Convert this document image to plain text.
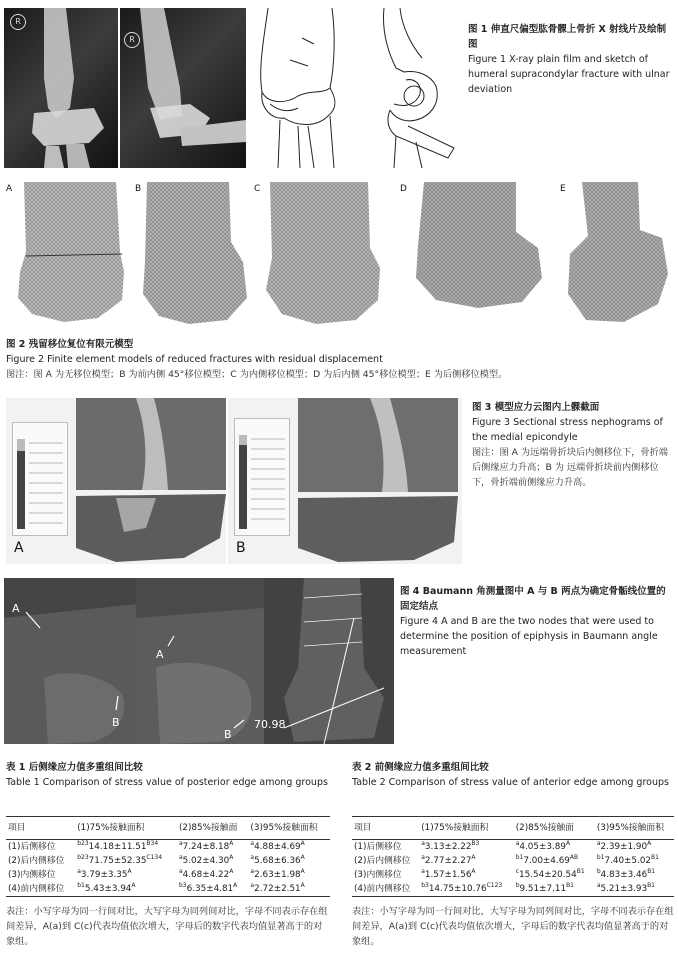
R
R
图 1 伸直尺偏型肱骨髁上骨折 X 射线片及绘制图
Figure 1 X-ray plain film and sketch of humeral supracondylar fracture with ulnar deviation
A	B	C	D	E
图 2 残留移位复位有限元模型
Figure 2 Finite element models of reduced fractures with residual displacement
图注：图 A 为无移位模型；B 为前内侧 45°移位模型；C 为内侧移位模型；D 为后内侧 45°移位模型；E 为后侧移位模型。
A	B
图 3 模型应力云图内上髁截面
Figure 3 Sectional stress nephograms of the medial epicondyle
图注：图 A 为远端骨折块后内侧移位下，骨折端后侧缘应力升高；B 为 远端骨折块前内侧移位下，骨折端前侧缘应力升高。
A
B
A
B
70.98
图 4 Baumann 角测量图中 A 与 B 两点为确定骨骺线位置的固定结点
Figure 4 A and B are the two nodes that were used to determine the position of epiphysis in Baumann angle measurement
表 1 后侧缘应力值多重组间比较
Table 1 Comparison of stress value of posterior edge among groups
项目	(1)75%接触面积	(2)85%接触面	(3)95%接触面积
(1)后侧移位	$^{b23}14.18\pm 11.51^{B34}$	$^a7.24\pm 8.18^A$	$^a4.88\pm 4.69^A$
(2)后内侧移位	$^{b23}71.75\pm 52.35^{C134}$	$^a5.02\pm 4.30^A$	$^a5.68\pm 6.36^A$
(3)内侧移位	$^a3.79\pm 3.35^A$	$^a4.68\pm 4.22^A$	$^a2.63\pm 1.98^A$
(4)前内侧移位	$^{b1}5.43\pm 3.94^A$	$^{b3}6.35\pm 4.81^A$	$^a2.72\pm 2.51^A$
表注：小写字母为同一行间对比，大写字母为同列间对比，字母不同表示存在组间差异，A(a)到 C(c)代表均值依次增大，字母后的数字代表均值显著高于的对象组。
表 2 前侧缘应力值多重组间比较
Table 2 Comparison of stress value of anterior edge among groups
项目	(1)75%接触面积	(2)85%接触面	(3)95%接触面积
(1)后侧移位	$^a3.13\pm 2.22^{B3}$	$^a4.05\pm 3.89^A$	$^a2.39\pm 1.90^A$
(2)后内侧移位	$^a2.77\pm 2.27^A$	$^{b1}7.00\pm 4.69^{AB}$	$^{b1}7.40\pm 5.02^{B1}$
(3)内侧移位	$^a1.57\pm 1.56^A$	$^c15.54\pm 20.54^{B1}$	$^b4.83\pm 3.46^{B1}$
(4)前内侧移位	$^{b3}14.75\pm 10.76^{C123}$	$^b9.51\pm 7.11^{B1}$	$^a5.21\pm 3.93^{B1}$
表注：小写字母为同一行间对比，大写字母为同列间对比，字母不同表示存在组间差异，A(a)到 C(c)代表均值依次增大，字母后的数字代表均值显著高于的对象组。
